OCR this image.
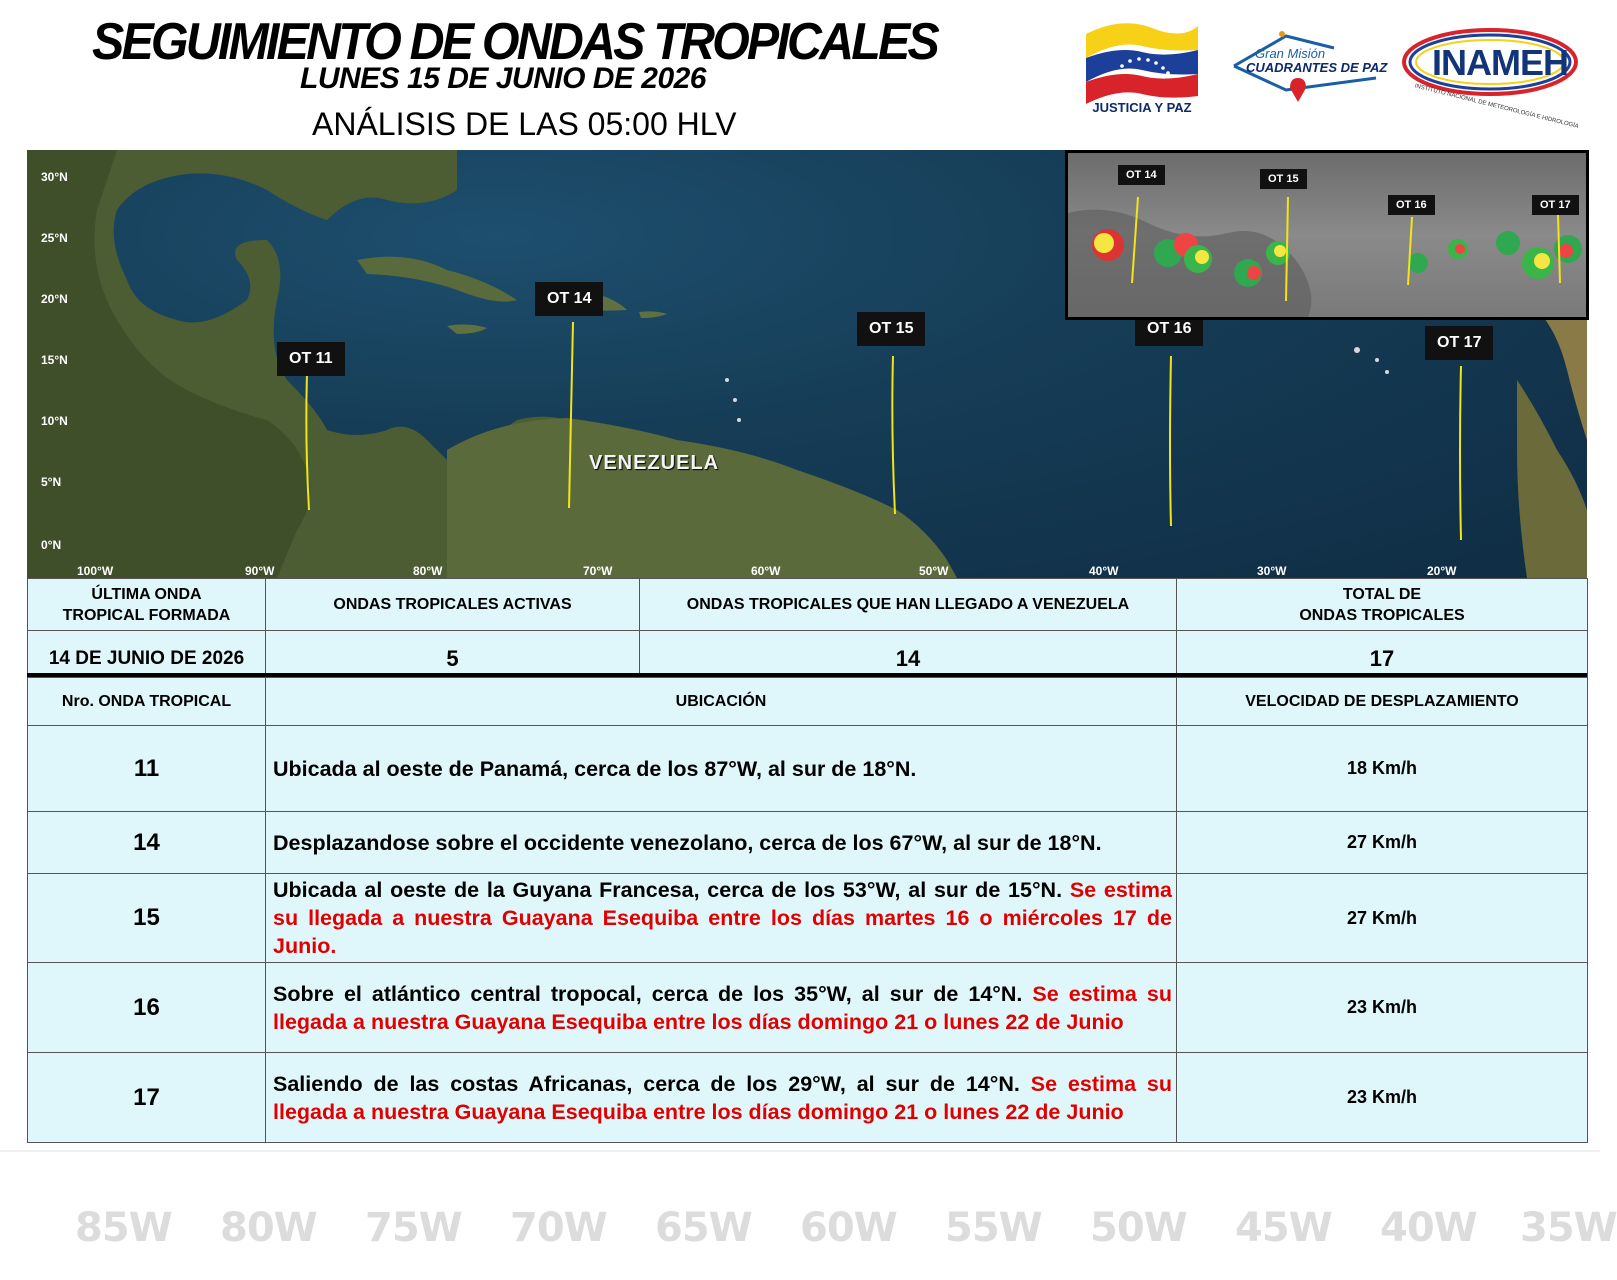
85W 80W 75W 70W 65W 60W 55W 50W 45W 40W 35W
SEGUIMIENTO DE ONDAS TROPICALES
LUNES 15 DE JUNIO DE 2026
ANÁLISIS DE LAS 05:00 HLV	JUSTICIA Y PAZ
Gran Misión
CUADRANTES DE PAZ INAMEH
INSTITUTO NACIONAL DE METEOROLOGÍA E HIDROLOGÍA
30°N
25°N
20°N
15°N
10°N
5°N
0°N
100°W	90°W	80°W	70°W	60°W	50°W	40°W	30°W	20°W
VENEZUELA
OT 11
OT 14
OT 15	OT 16
OT 17
OT 14	OT 15
OT 16	OT 17
ÚLTIMA ONDA
TROPICAL FORMADA	ONDAS TROPICALES ACTIVAS	ONDAS TROPICALES QUE HAN LLEGADO A VENEZUELA	TOTAL DE
ONDAS TROPICALES
14 DE JUNIO DE 2026	5	14	17
Nro. ONDA TROPICAL	UBICACIÓN	VELOCIDAD DE DESPLAZAMIENTO
11	Ubicada al oeste de Panamá, cerca de los 87°W, al sur de 18°N.	18 Km/h
14	Desplazandose sobre el occidente venezolano, cerca de los 67°W, al sur de 18°N.	27 Km/h
15	Ubicada al oeste de la Guyana Francesa, cerca de los 53°W, al sur de 15°N. Se estima su llegada a nuestra Guayana Esequiba entre los días martes 16 o miércoles 17 de Junio.	27 Km/h
16	Sobre el atlántico central tropocal, cerca de los 35°W, al sur de 14°N. Se estima su llegada a nuestra Guayana Esequiba entre los días domingo 21 o lunes 22 de Junio	23 Km/h
17	Saliendo de las costas Africanas, cerca de los 29°W, al sur de 14°N. Se estima su llegada a nuestra Guayana Esequiba entre los días domingo 21 o lunes 22 de Junio	23 Km/h
